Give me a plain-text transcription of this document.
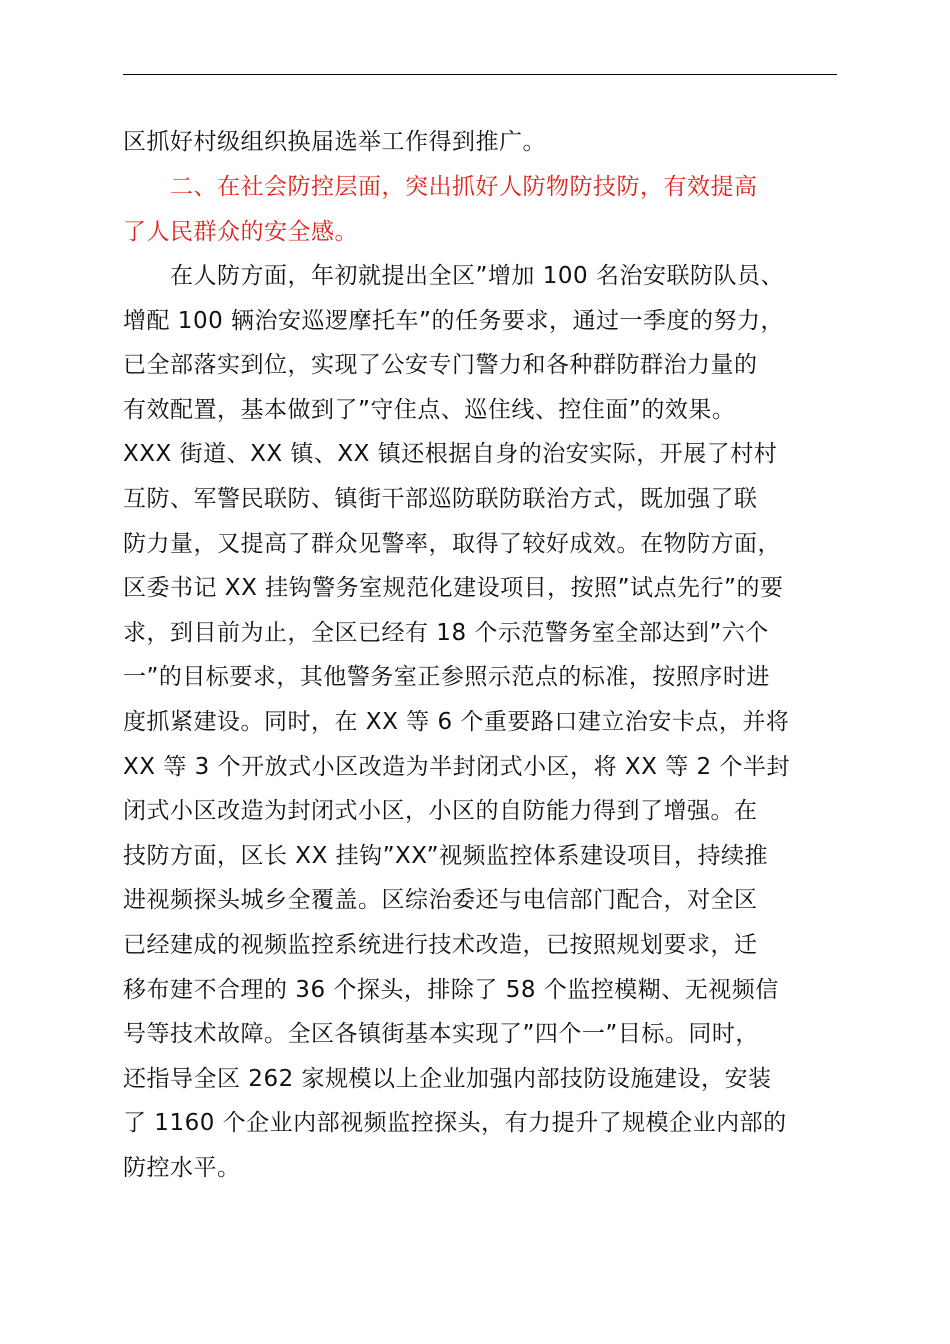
区抓好村级组织换届选举工作得到推广。
　　二、在社会防控层面，突出抓好人防物防技防，有效提高
了人民群众的安全感。
　　在人防方面，年初就提出全区”增加 100 名治安联防队员、
增配 100 辆治安巡逻摩托车”的任务要求，通过一季度的努力，
已全部落实到位，实现了公安专门警力和各种群防群治力量的
有效配置，基本做到了”守住点、巡住线、控住面”的效果。
XXX 街道、XX 镇、XX 镇还根据自身的治安实际，开展了村村
互防、军警民联防、镇街干部巡防联防联治方式，既加强了联
防力量，又提高了群众见警率，取得了较好成效。在物防方面，
区委书记 XX 挂钩警务室规范化建设项目，按照”试点先行”的要
求，到目前为止，全区已经有 18 个示范警务室全部达到”六个
一”的目标要求，其他警务室正参照示范点的标准，按照序时进
度抓紧建设。同时，在 XX 等 6 个重要路口建立治安卡点，并将
XX 等 3 个开放式小区改造为半封闭式小区，将 XX 等 2 个半封
闭式小区改造为封闭式小区，小区的自防能力得到了增强。在
技防方面，区长 XX 挂钩”XX”视频监控体系建设项目，持续推
进视频探头城乡全覆盖。区综治委还与电信部门配合，对全区
已经建成的视频监控系统进行技术改造，已按照规划要求，迁
移布建不合理的 36 个探头，排除了 58 个监控模糊、无视频信
号等技术故障。全区各镇街基本实现了”四个一”目标。同时，
还指导全区 262 家规模以上企业加强内部技防设施建设，安装
了 1160 个企业内部视频监控探头，有力提升了规模企业内部的
防控水平。
